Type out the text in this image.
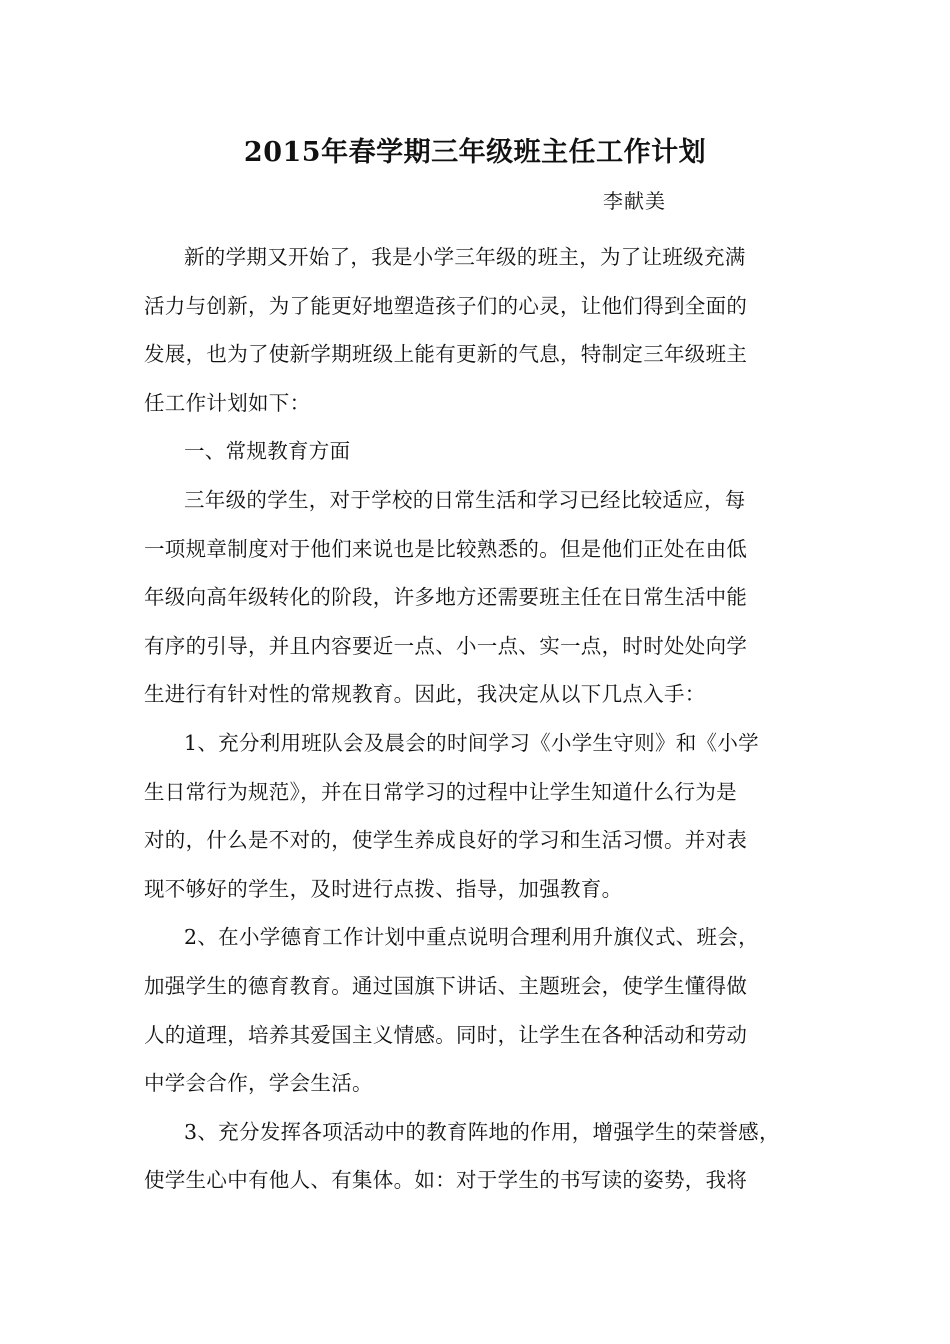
2015年春学期三年级班主任工作计划
李献美
新的学期又开始了，我是小学三年级的班主，为了让班级充满
活力与创新，为了能更好地塑造孩子们的心灵，让他们得到全面的
发展，也为了使新学期班级上能有更新的气息，特制定三年级班主
任工作计划如下：
一、常规教育方面
三年级的学生，对于学校的日常生活和学习已经比较适应，每
一项规章制度对于他们来说也是比较熟悉的。但是他们正处在由低
年级向高年级转化的阶段，许多地方还需要班主任在日常生活中能
有序的引导，并且内容要近一点、小一点、实一点，时时处处向学
生进行有针对性的常规教育。因此，我决定从以下几点入手：
1、充分利用班队会及晨会的时间学习《小学生守则》和《小学
生日常行为规范》，并在日常学习的过程中让学生知道什么行为是
对的，什么是不对的，使学生养成良好的学习和生活习惯。并对表
现不够好的学生，及时进行点拨、指导，加强教育。
2、在小学德育工作计划中重点说明合理利用升旗仪式、班会，
加强学生的德育教育。通过国旗下讲话、主题班会，使学生懂得做
人的道理，培养其爱国主义情感。同时，让学生在各种活动和劳动
中学会合作，学会生活。
3、充分发挥各项活动中的教育阵地的作用，增强学生的荣誉感，
使学生心中有他人、有集体。如：对于学生的书写读的姿势，我将
